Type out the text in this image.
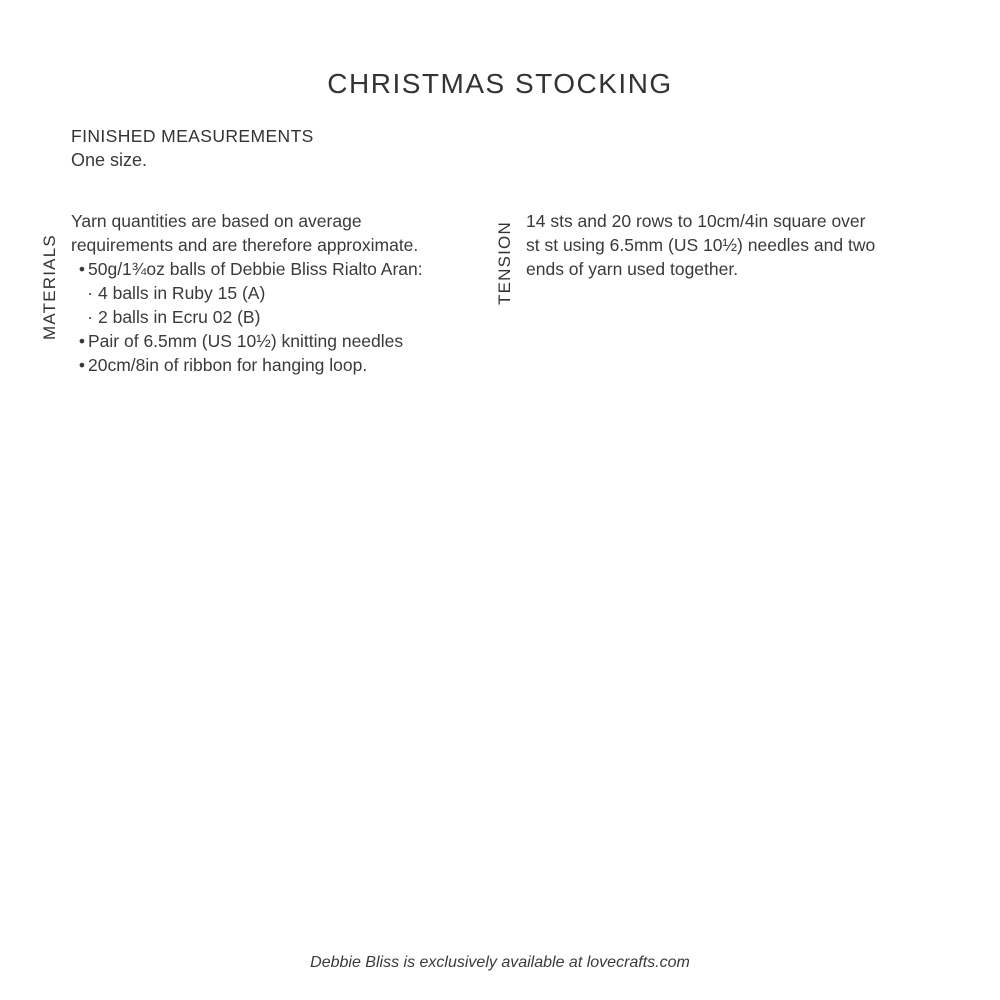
CHRISTMAS STOCKING
FINISHED MEASUREMENTS

One size.

MATERIALS

Yarn quantities are based on average

requirements and are therefore approximate.

• 50g/1¾oz balls of Debbie Bliss Rialto Aran:
· 4 balls in Ruby 15 (A)
· 2 balls in Ecru 02 (B)
• Pair of 6.5mm (US 10½) knitting needles
• 20cm/8in of ribbon for hanging loop.
TENSION
14 sts and 20 rows to 10cm/4in square over
st st using 6.5mm (US 10½) needles and two
ends of yarn used together.

Debbie Bliss is exclusively available at lovecrafts.com
